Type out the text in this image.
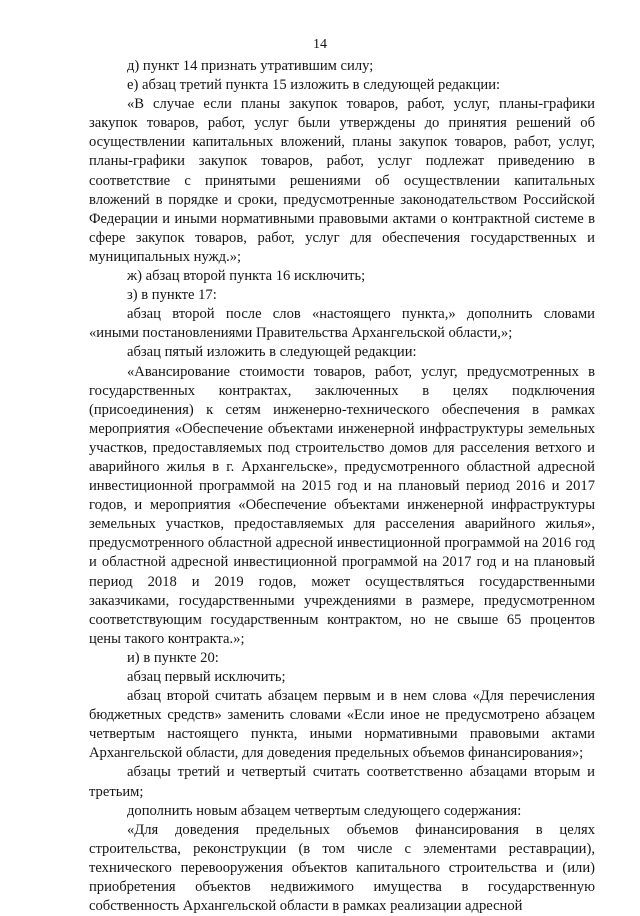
14

д) пункт 14 признать утратившим силу;

е) абзац третий пункта 15 изложить в следующей редакции:

«В случае если планы закупок товаров, работ, услуг, планы-графики закупок товаров, работ, услуг были утверждены до принятия решений об осуществлении капитальных вложений, планы закупок товаров, работ, услуг, планы-графики закупок товаров, работ, услуг подлежат приведению в соответствие с принятыми решениями об осуществлении капитальных вложений в порядке и сроки, предусмотренные законодательством Российской Федерации и иными нормативными правовыми актами о контрактной системе в сфере закупок товаров, работ, услуг для обеспечения государственных и муниципальных нужд.»;

ж) абзац второй пункта 16 исключить;

з) в пункте 17:

абзац второй после слов «настоящего пункта,» дополнить словами «иными постановлениями Правительства Архангельской области,»;

абзац пятый изложить в следующей редакции:

«Авансирование стоимости товаров, работ, услуг, предусмотренных в государственных контрактах, заключенных в целях подключения (присоединения) к сетям инженерно-технического обеспечения в рамках мероприятия «Обеспечение объектами инженерной инфраструктуры земельных участков, предоставляемых под строительство домов для расселения ветхого и аварийного жилья в г. Архангельске», предусмотренного областной адресной инвестиционной программой на 2015 год и на плановый период 2016 и 2017 годов, и мероприятия «Обеспечение объектами инженерной инфраструктуры земельных участков, предоставляемых для расселения аварийного жилья», предусмотренного областной адресной инвестиционной программой на 2016 год и областной адресной инвестиционной программой на 2017 год и на плановый период 2018 и 2019 годов, может осуществляться государственными заказчиками, государственными учреждениями в размере, предусмотренном соответствующим государственным контрактом, но не свыше 65 процентов цены такого контракта.»;

и) в пункте 20:

абзац первый исключить;

абзац второй считать абзацем первым и в нем слова «Для перечисления бюджетных средств» заменить словами «Если иное не предусмотрено абзацем четвертым настоящего пункта, иными нормативными правовыми актами Архангельской области, для доведения предельных объемов финансирования»;

абзацы третий и четвертый считать соответственно абзацами вторым и третьим;

дополнить новым абзацем четвертым следующего содержания:

«Для доведения предельных объемов финансирования в целях строительства, реконструкции (в том числе с элементами реставрации), технического перевооружения объектов капитального строительства и (или) приобретения объектов недвижимого имущества в государственную собственность Архангельской области в рамках реализации адресной
